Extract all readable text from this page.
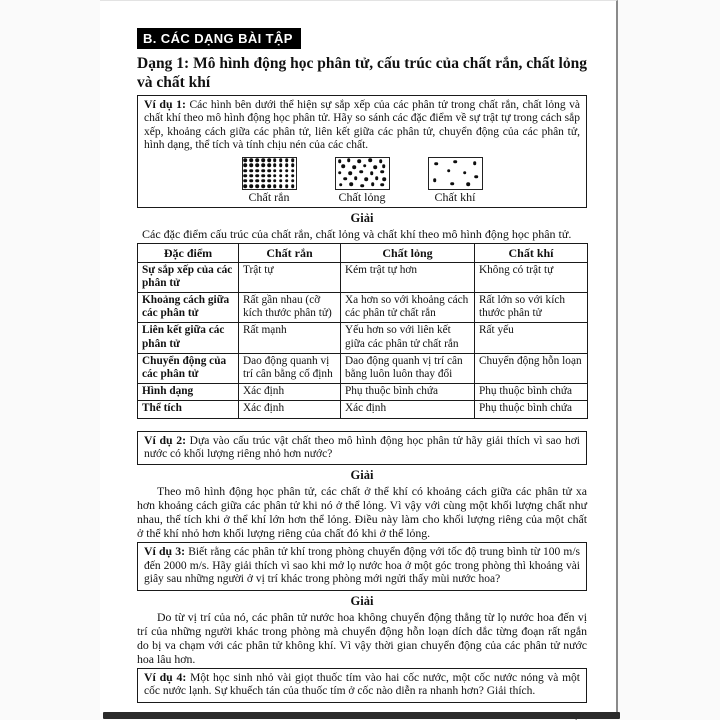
B. CÁC DẠNG BÀI TẬP
Dạng 1: Mô hình động học phân tử, cấu trúc của chất rắn, chất lỏng và chất khí

Ví dụ 1: Các hình bên dưới thể hiện sự sắp xếp của các phân tử trong chất rắn, chất lỏng và chất khí theo mô hình động học phân tử. Hãy so sánh các đặc điểm về sự trật tự trong cách sắp xếp, khoảng cách giữa các phân tử, liên kết giữa các phân tử, chuyển động của các phân tử, hình dạng, thể tích và tính chịu nén của các chất.

Chất rắn	Chất lỏng	Chất khí
Giải

Các đặc điểm cấu trúc của chất rắn, chất lỏng và chất khí theo mô hình động học phân tử.

Đặc điểm	Chất rắn	Chất lỏng	Chất khí
Sự sắp xếp của các phân tử	Trật tự	Kém trật tự hơn	Không có trật tự
Khoảng cách giữa các phân tử	Rất gần nhau (cỡ kích thước phân tử)	Xa hơn so với khoảng cách các phân tử chất rắn	Rất lớn so với kích thước phân tử
Liên kết giữa các phân tử	Rất mạnh	Yếu hơn so với liên kết giữa các phân tử chất rắn	Rất yếu
Chuyển động của các phân tử	Dao động quanh vị trí cân bằng cố định	Dao động quanh vị trí cân bằng luôn luôn thay đổi	Chuyển động hỗn loạn
Hình dạng	Xác định	Phụ thuộc bình chứa	Phụ thuộc bình chứa
Thể tích	Xác định	Xác định	Phụ thuộc bình chứa

Ví dụ 2: Dựa vào cấu trúc vật chất theo mô hình động học phân tử hãy giải thích vì sao hơi nước có khối lượng riêng nhỏ hơn nước?

Giải

Theo mô hình động học phân tử, các chất ở thể khí có khoảng cách giữa các phân tử xa hơn khoảng cách giữa các phân tử khi nó ở thể lỏng. Vì vậy với cùng một khối lượng chất như nhau, thể tích khi ở thể khí lớn hơn thể lỏng. Điều này làm cho khối lượng riêng của một chất ở thể khí nhỏ hơn khối lượng riêng của chất đó khi ở thể lỏng.

Ví dụ 3: Biết rằng các phân tử khí trong phòng chuyển động với tốc độ trung bình từ 100 m/s đến 2000 m/s. Hãy giải thích vì sao khi mở lọ nước hoa ở một góc trong phòng thì khoảng vài giây sau những người ở vị trí khác trong phòng mới ngửi thấy mùi nước hoa?

Giải

Do từ vị trí của nó, các phân tử nước hoa không chuyển động thẳng từ lọ nước hoa đến vị trí của những người khác trong phòng mà chuyển động hỗn loạn dích dắc từng đoạn rất ngắn do bị va chạm với các phân tử không khí. Vì vậy thời gian chuyển động của các phân tử nước hoa lâu hơn.

Ví dụ 4: Một học sinh nhỏ vài giọt thuốc tím vào hai cốc nước, một cốc nước nóng và một cốc nước lạnh. Sự khuếch tán của thuốc tím ở cốc nào diễn ra nhanh hơn? Giải thích.
